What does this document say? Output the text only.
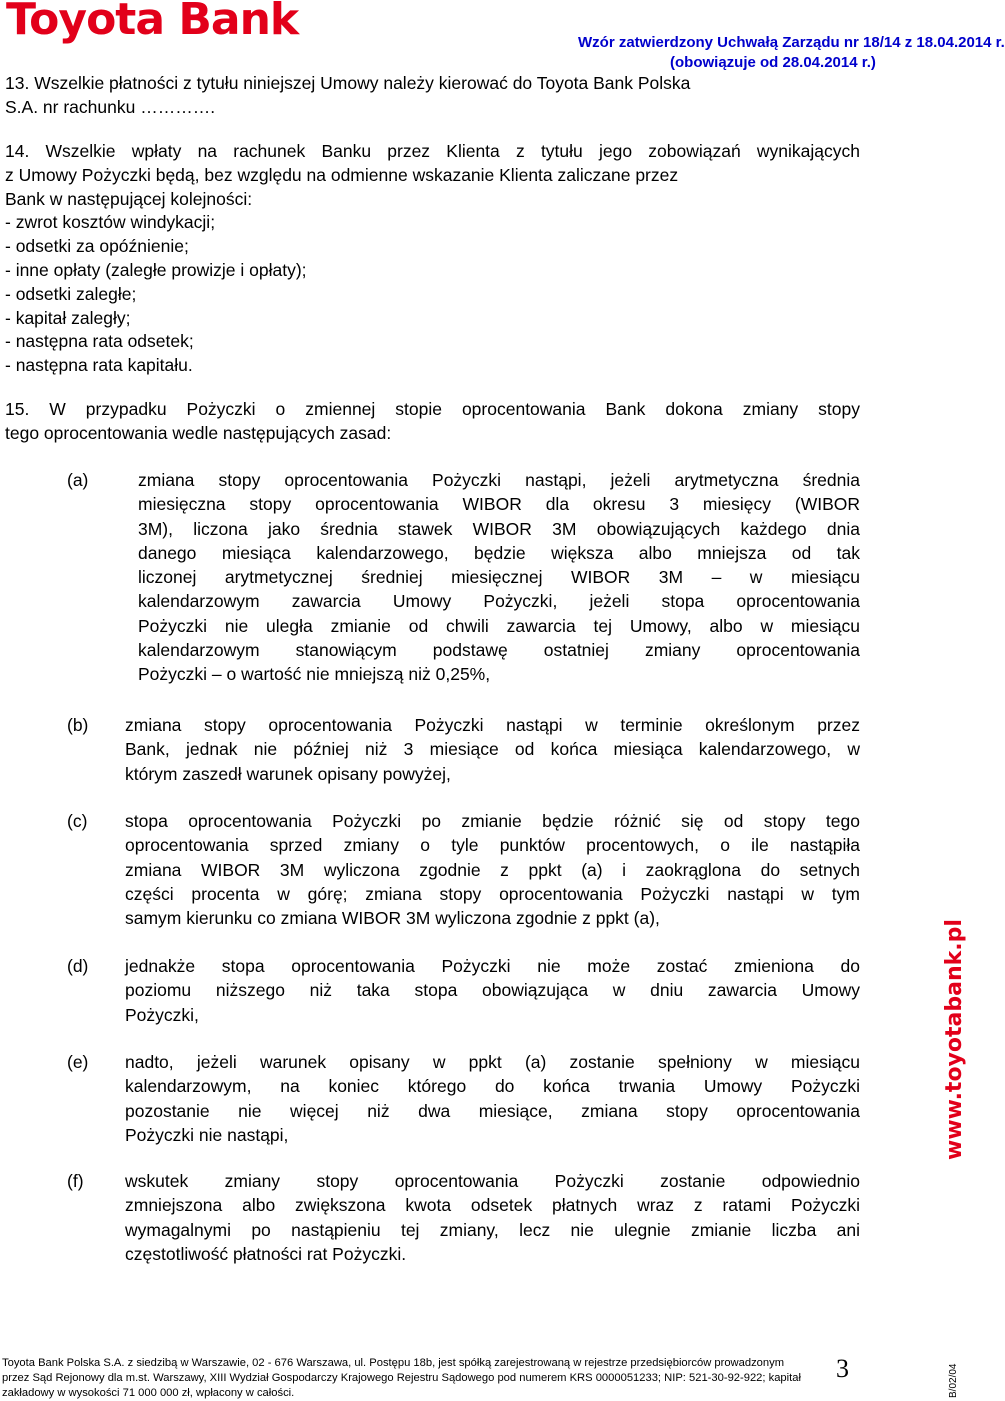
Toyota Bank	Wzór zatwierdzony Uchwałą Zarządu nr 18/14 z 18.04.2014 r.
(obowiązuje od 28.04.2014 r.)
www.toyotabank.pl
13. Wszelkie płatności z tytułu niniejszej Umowy należy kierować do Toyota Bank Polska
S.A. nr rachunku ………….
14. Wszelkie wpłaty na rachunek Banku przez Klienta z tytułu jego zobowiązań wynikających
z Umowy Pożyczki będą, bez względu na odmienne wskazanie Klienta zaliczane przez
Bank w następującej kolejności:
- zwrot kosztów windykacji;
- odsetki za opóźnienie;
- inne opłaty (zaległe prowizje i opłaty);
- odsetki zaległe;
- kapitał zaległy;
- następna rata odsetek;
- następna rata kapitału.
15. W przypadku Pożyczki o zmiennej stopie oprocentowania Bank dokona zmiany stopy
tego oprocentowania wedle następujących zasad:
(a)	zmiana stopy oprocentowania Pożyczki nastąpi, jeżeli arytmetyczna średnia
miesięczna stopy oprocentowania WIBOR dla okresu 3 miesięcy (WIBOR
3M), liczona jako średnia stawek WIBOR 3M obowiązujących każdego dnia
danego miesiąca kalendarzowego, będzie większa albo mniejsza od tak
liczonej arytmetycznej średniej miesięcznej WIBOR 3M – w miesiącu
kalendarzowym zawarcia Umowy Pożyczki, jeżeli stopa oprocentowania
Pożyczki nie uległa zmianie od chwili zawarcia tej Umowy, albo w miesiącu
kalendarzowym stanowiącym podstawę ostatniej zmiany oprocentowania
Pożyczki – o wartość nie mniejszą niż 0,25%,
(b) zmiana stopy oprocentowania Pożyczki nastąpi w terminie określonym przez
Bank, jednak nie później niż 3 miesiące od końca miesiąca kalendarzowego, w
którym zaszedł warunek opisany powyżej,
(c) stopa oprocentowania Pożyczki po zmianie będzie różnić się od stopy tego
oprocentowania sprzed zmiany o tyle punktów procentowych, o ile nastąpiła
zmiana WIBOR 3M wyliczona zgodnie z ppkt (a) i zaokrąglona do setnych
części procenta w górę; zmiana stopy oprocentowania Pożyczki nastąpi w tym
samym kierunku co zmiana WIBOR 3M wyliczona zgodnie z ppkt (a),
(d) jednakże stopa oprocentowania Pożyczki nie może zostać zmieniona do
poziomu niższego niż taka stopa obowiązująca w dniu zawarcia Umowy
Pożyczki,
(e) nadto, jeżeli warunek opisany w ppkt (a) zostanie spełniony w miesiącu
kalendarzowym, na koniec którego do końca trwania Umowy Pożyczki
pozostanie nie więcej niż dwa miesiące, zmiana stopy oprocentowania
Pożyczki nie nastąpi,
(f) wskutek zmiany stopy oprocentowania Pożyczki zostanie odpowiednio
zmniejszona albo zwiększona kwota odsetek płatnych wraz z ratami Pożyczki
wymagalnymi po nastąpieniu tej zmiany, lecz nie ulegnie zmianie liczba ani
częstotliwość płatności rat Pożyczki.
Toyota Bank Polska S.A. z siedzibą w Warszawie, 02 - 676 Warszawa, ul. Postępu 18b, jest spółką zarejestrowaną w rejestrze przedsiębiorców prowadzonym
przez Sąd Rejonowy dla m.st. Warszawy, XIII Wydział Gospodarczy Krajowego Rejestru Sądowego pod numerem KRS 0000051233; NIP: 521-30-92-922; kapitał
zakładowy w wysokości 71 000 000 zł, wpłacony w całości.
3	B/02/04
